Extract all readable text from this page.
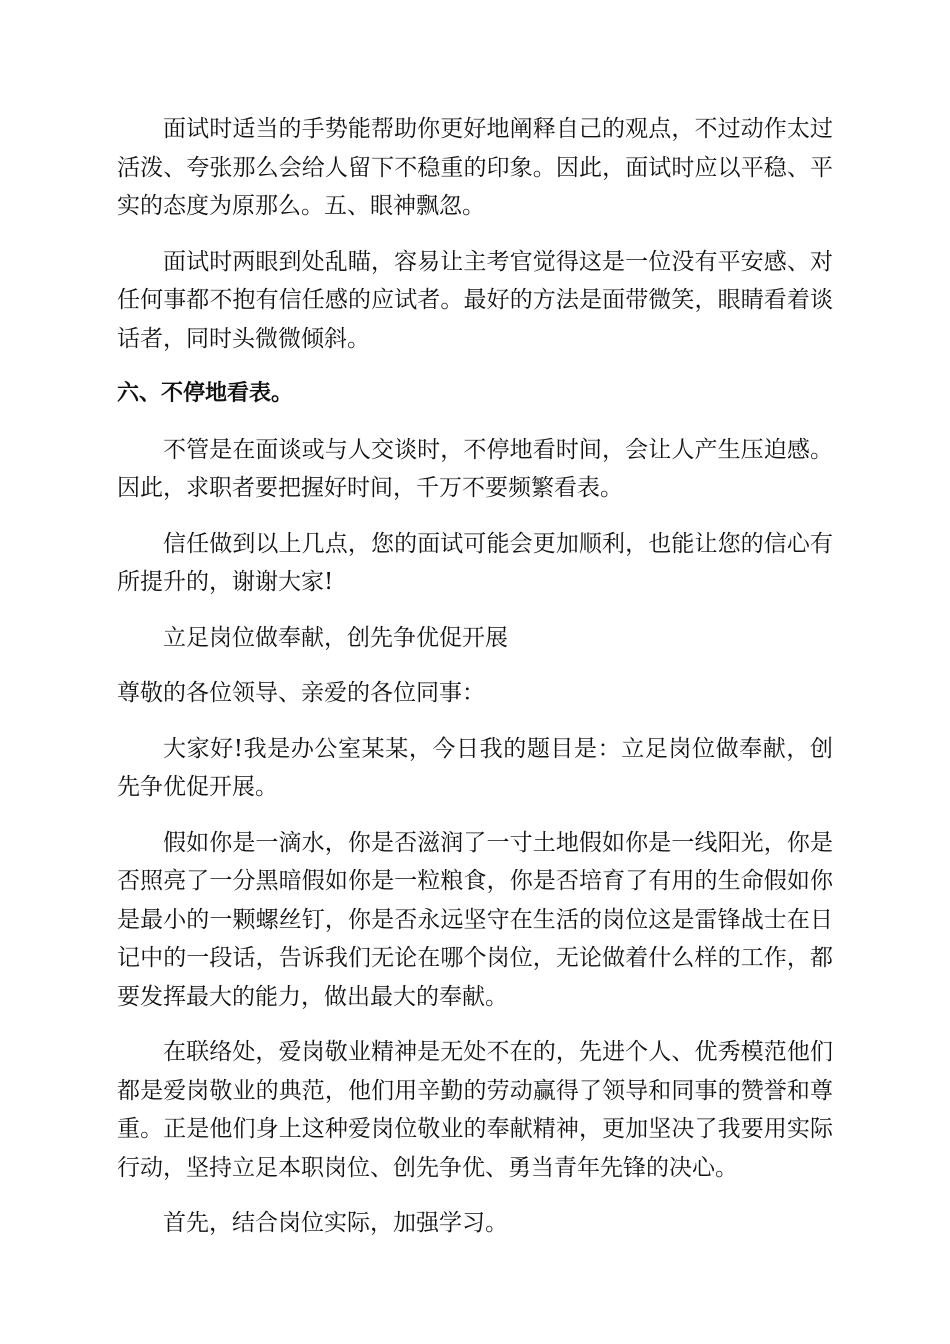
面试时适当的手势能帮助你更好地阐释自己的观点，不过动作太过活泼、夸张那么会给人留下不稳重的印象。因此，面试时应以平稳、平实的态度为原那么。五、眼神飘忽。

面试时两眼到处乱瞄，容易让主考官觉得这是一位没有平安感、对任何事都不抱有信任感的应试者。最好的方法是面带微笑，眼睛看着谈话者，同时头微微倾斜。

六、不停地看表。

不管是在面谈或与人交谈时，不停地看时间，会让人产生压迫感。因此，求职者要把握好时间，千万不要频繁看表。

信任做到以上几点，您的面试可能会更加顺利，也能让您的信心有所提升的，谢谢大家!

立足岗位做奉献，创先争优促开展

尊敬的各位领导、亲爱的各位同事：

大家好!我是办公室某某，今日我的题目是：立足岗位做奉献，创先争优促开展。

假如你是一滴水，你是否滋润了一寸土地假如你是一线阳光，你是否照亮了一分黑暗假如你是一粒粮食，你是否培育了有用的生命假如你是最小的一颗螺丝钉，你是否永远坚守在生活的岗位这是雷锋战士在日记中的一段话，告诉我们无论在哪个岗位，无论做着什么样的工作，都要发挥最大的能力，做出最大的奉献。

在联络处，爱岗敬业精神是无处不在的，先进个人、优秀模范他们都是爱岗敬业的典范，他们用辛勤的劳动赢得了领导和同事的赞誉和尊重。正是他们身上这种爱岗位敬业的奉献精神，更加坚决了我要用实际行动，坚持立足本职岗位、创先争优、勇当青年先锋的决心。

首先，结合岗位实际，加强学习。
